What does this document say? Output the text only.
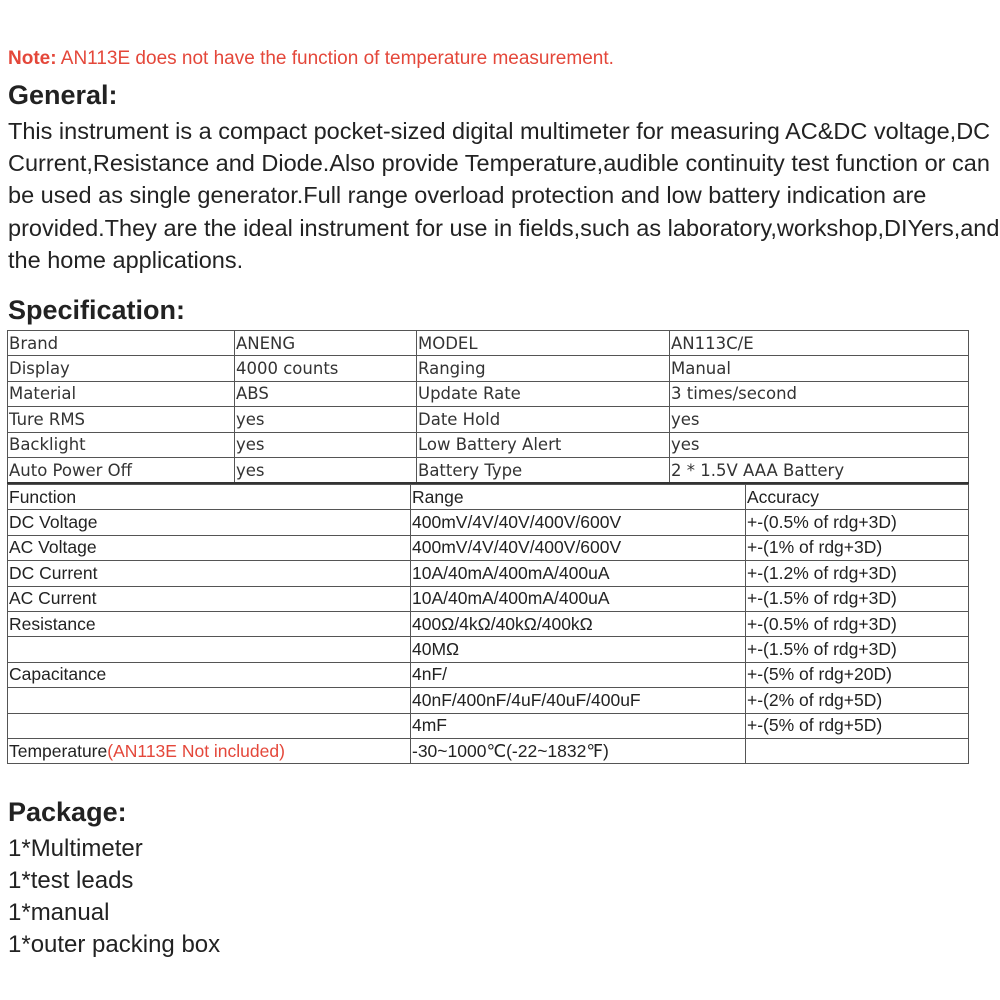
Note: AN113E does not have the function of temperature measurement.
General:

This instrument is a compact pocket-sized digital multimeter for measuring AC&DC voltage,DC Current,Resistance and Diode.Also provide Temperature,audible continuity test function or can be used as single generator.Full range overload protection and low battery indication are provided.They are the ideal instrument for use in fields,such as laboratory,workshop,DIYers,and the home applications.

Specification:
Brand	ANENG	MODEL	AN113C/E
Display	4000 counts	Ranging	Manual
Material	ABS	Update Rate	3 times/second
Ture RMS	yes	Date Hold	yes
Backlight	yes	Low Battery Alert	yes
Auto Power Off	yes	Battery Type	2 * 1.5V AAA Battery
Function	Range	Accuracy
DC Voltage	400mV/4V/40V/400V/600V	+-(0.5% of rdg+3D)
AC Voltage	400mV/4V/40V/400V/600V	+-(1% of rdg+3D)
DC Current	10A/40mA/400mA/400uA	+-(1.2% of rdg+3D)
AC Current	10A/40mA/400mA/400uA	+-(1.5% of rdg+3D)
Resistance	400Ω/4kΩ/40kΩ/400kΩ	+-(0.5% of rdg+3D)
	40MΩ	+-(1.5% of rdg+3D)
Capacitance	4nF/	+-(5% of rdg+20D)
	40nF/400nF/4uF/40uF/400uF	+-(2% of rdg+5D)
	4mF	+-(5% of rdg+5D)
Temperature(AN113E Not included)	-30~1000℃(-22~1832℉)	
Package:
1*Multimeter
1*test leads
1*manual
1*outer packing box
